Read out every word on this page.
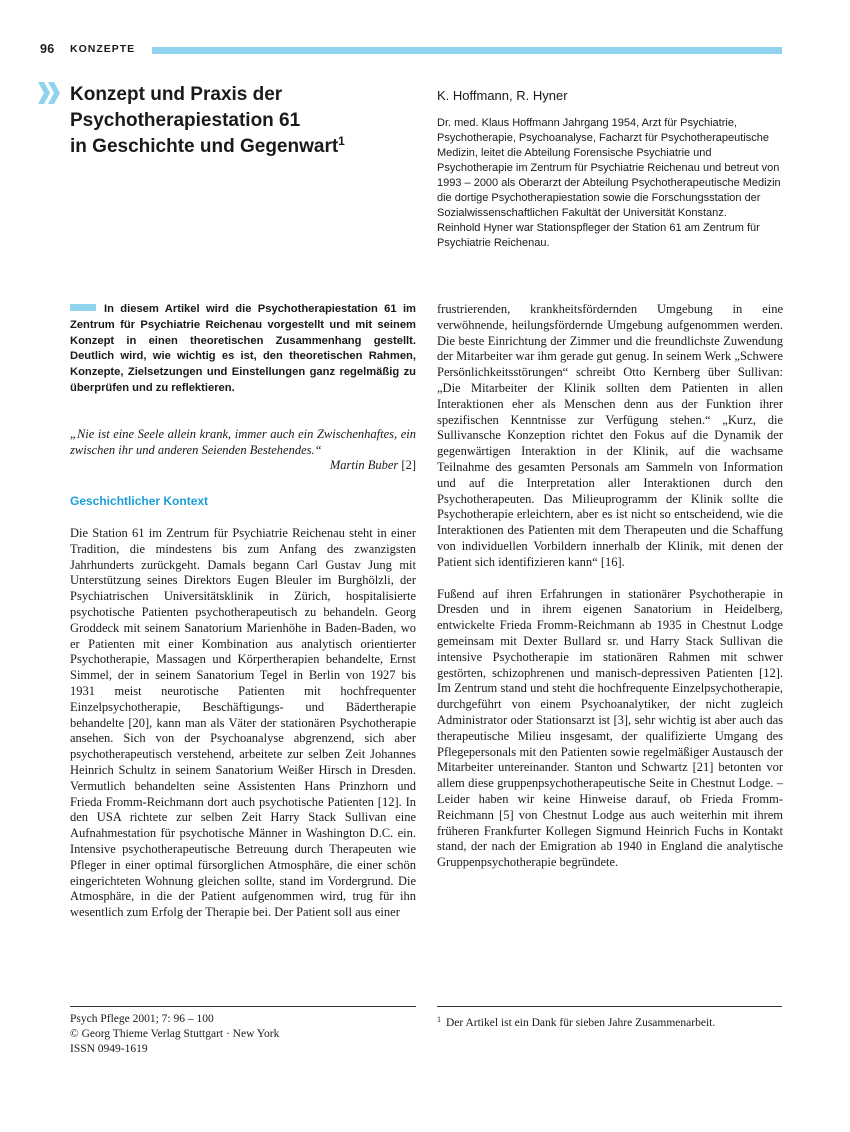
96 KONZEPTE
Konzept und Praxis der
Psychotherapiestation 61
in Geschichte und Gegenwart$^1$
K. Hoffmann, R. Hyner

Dr. med. Klaus Hoffmann Jahrgang 1954, Arzt für Psychiatrie, Psychotherapie, Psychoanalyse, Facharzt für Psychotherapeutische Medizin, leitet die Abteilung Forensische Psychiatrie und Psychotherapie im Zentrum für Psychiatrie Reichenau und betreut von 1993 – 2000 als Oberarzt der Abteilung Psychotherapeutische Medizin die dortige Psychotherapiestation sowie die Forschungsstation der Sozialwissenschaftlichen Fakultät der Universität Konstanz.

Reinhold Hyner war Stationspfleger der Station 61 am Zentrum für Psychiatrie Reichenau.

In diesem Artikel wird die Psychotherapiestation 61 im Zentrum für Psychiatrie Reichenau vorgestellt und mit seinem Konzept in einen theoretischen Zusammenhang gestellt. Deutlich wird, wie wichtig es ist, den theoretischen Rahmen, Konzepte, Zielsetzungen und Einstellungen ganz regelmäßig zu überprüfen und zu reflektieren.

„Nie ist eine Seele allein krank, immer auch ein Zwischenhaftes, ein zwischen ihr und anderen Seienden Bestehendes.“

Martin Buber [2]

Geschichtlicher Kontext

Die Station 61 im Zentrum für Psychiatrie Reichenau steht in einer Tradition, die mindestens bis zum Anfang des zwanzigsten Jahrhunderts zurückgeht. Damals begann Carl Gustav Jung mit Unterstützung seines Direktors Eugen Bleuler im Burghölzli, der Psychiatrischen Universitätsklinik in Zürich, hospitalisierte psychotische Patienten psychotherapeutisch zu behandeln. Georg Groddeck mit seinem Sanatorium Marienhöhe in Baden-Baden, wo er Patienten mit einer Kombination aus analytisch orientierter Psychotherapie, Massagen und Körpertherapien behandelte, Ernst Simmel, der in seinem Sanatorium Tegel in Berlin von 1927 bis 1931 meist neurotische Patienten mit hochfrequenter Einzelpsychotherapie, Beschäftigungs- und Bädertherapie behandelte [20], kann man als Väter der stationären Psychotherapie ansehen. Sich von der Psychoanalyse abgrenzend, sich aber psychotherapeutisch verstehend, arbeitete zur selben Zeit Johannes Heinrich Schultz in seinem Sanatorium Weißer Hirsch in Dresden. Vermutlich behandelten seine Assistenten Hans Prinzhorn und Frieda Fromm-Reichmann dort auch psychotische Patienten [12]. In den USA richtete zur selben Zeit Harry Stack Sullivan eine Aufnahmestation für psychotische Männer in Washington D.C. ein. Intensive psychotherapeutische Betreuung durch Therapeuten wie Pfleger in einer optimal fürsorglichen Atmosphäre, die einer schön eingerichteten Wohnung gleichen sollte, stand im Vordergrund. Die Atmosphäre, in die der Patient aufgenommen wird, trug für ihn wesentlich zum Erfolg der Therapie bei. Der Patient soll aus einer

frustrierenden, krankheitsfördernden Umgebung in eine verwöhnende, heilungsfördernde Umgebung aufgenommen werden. Die beste Einrichtung der Zimmer und die freundlichste Zuwendung der Mitarbeiter war ihm gerade gut genug. In seinem Werk „Schwere Persönlichkeitsstörungen“ schreibt Otto Kernberg über Sullivan: „Die Mitarbeiter der Klinik sollten dem Patienten in allen Interaktionen eher als Menschen denn aus der Funktion ihrer spezifischen Kenntnisse zur Verfügung stehen.“ „Kurz, die Sullivansche Konzeption richtet den Fokus auf die Dynamik der gegenwärtigen Interaktion in der Klinik, auf die wachsame Teilnahme des gesamten Personals am Sammeln von Information und auf die Interpretation aller Interaktionen durch den Psychotherapeuten. Das Milieuprogramm der Klinik sollte die Psychotherapie erleichtern, aber es ist nicht so entscheidend, wie die Interaktionen des Patienten mit dem Therapeuten und die Schaffung von individuellen Vorbildern innerhalb der Klinik, mit denen der Patient sich identifizieren kann“ [16].

Fußend auf ihren Erfahrungen in stationärer Psychotherapie in Dresden und in ihrem eigenen Sanatorium in Heidelberg, entwickelte Frieda Fromm-Reichmann ab 1935 in Chestnut Lodge gemeinsam mit Dexter Bullard sr. und Harry Stack Sullivan die intensive Psychotherapie im stationären Rahmen mit schwer gestörten, schizophrenen und manisch-depressiven Patienten [12]. Im Zentrum stand und steht die hochfrequente Einzelpsychotherapie, durchgeführt von einem Psychoanalytiker, der nicht zugleich Administrator oder Stationsarzt ist [3], sehr wichtig ist aber auch das therapeutische Milieu insgesamt, der qualifizierte Umgang des Pflegepersonals mit den Patienten sowie regelmäßiger Austausch der Mitarbeiter untereinander. Stanton und Schwartz [21] betonten vor allem diese gruppenpsychotherapeutische Seite in Chestnut Lodge. – Leider haben wir keine Hinweise darauf, ob Frieda Fromm-Reichmann [5] von Chestnut Lodge aus auch weiterhin mit ihrem früheren Frankfurter Kollegen Sigmund Heinrich Fuchs in Kontakt stand, der nach der Emigration ab 1940 in England die analytische Gruppenpsychotherapie begründete.

Psych Pflege 2001; 7: 96 – 100
© Georg Thieme Verlag Stuttgart · New York
ISSN 0949-1619
$^1$ Der Artikel ist ein Dank für sieben Jahre Zusammenarbeit.
